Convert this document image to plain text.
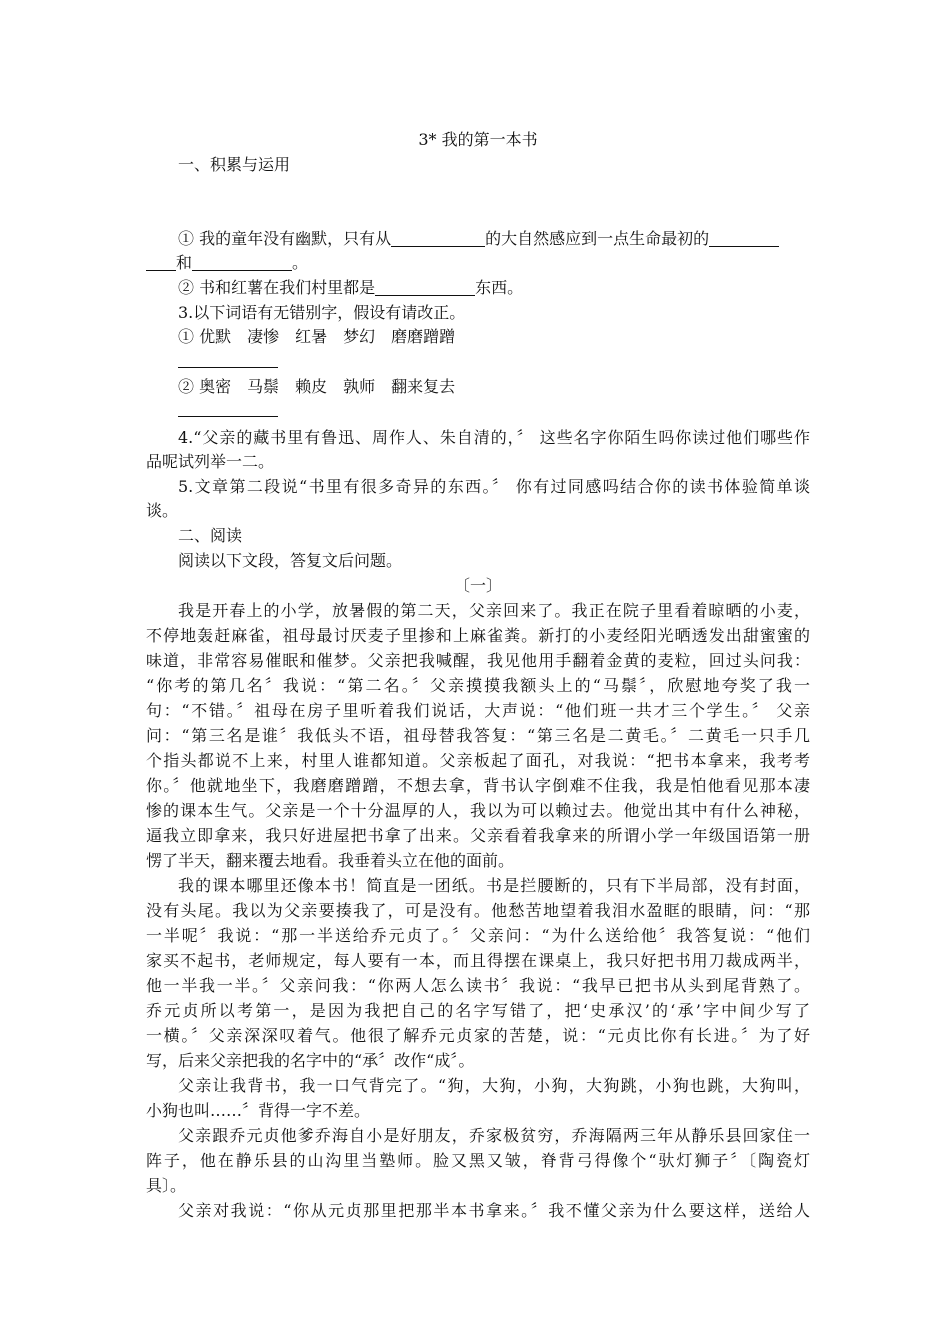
3* 我的第一本书
一、积累与运用
① 我的童年没有幽默，只有从	的大自然感应到一点生命最初的
和	。
② 书和红薯在我们村里都是	东西。
3.以下词语有无错别字，假设有请改正。
① 优默　凄惨　红暑　梦幻　磨磨蹭蹭
② 奥密　马鬃　赖皮　孰师　翻来复去
4.“父亲的藏书里有鲁迅、周作人、朱自清的，〞 这些名字你陌生吗你读过他们哪些作
品呢试列举一二。
5.文章第二段说“书里有很多奇异的东西。〞 你有过同感吗结合你的读书体验简单谈
谈。
二、阅读
阅读以下文段，答复文后问题。
〔一〕
我是开春上的小学，放暑假的第二天，父亲回来了。我正在院子里看着晾晒的小麦，
不停地轰赶麻雀，祖母最讨厌麦子里掺和上麻雀粪。新打的小麦经阳光晒透发出甜蜜蜜的
味道，非常容易催眠和催梦。父亲把我喊醒，我见他用手翻着金黄的麦粒，回过头问我：
“你考的第几名〞我说：“第二名。〞父亲摸摸我额头上的“马鬃〞，欣慰地夸奖了我一
句：“不错。〞祖母在房子里听着我们说话，大声说：“他们班一共才三个学生。〞 父亲
问：“第三名是谁〞我低头不语，祖母替我答复：“第三名是二黄毛。〞二黄毛一只手几
个指头都说不上来，村里人谁都知道。父亲板起了面孔，对我说：“把书本拿来，我考考
你。〞他就地坐下，我磨磨蹭蹭，不想去拿，背书认字倒难不住我，我是怕他看见那本凄
惨的课本生气。父亲是一个十分温厚的人，我以为可以赖过去。他觉出其中有什么神秘，
逼我立即拿来，我只好进屋把书拿了出来。父亲看着我拿来的所谓小学一年级国语第一册
愣了半天，翻来覆去地看。我垂着头立在他的面前。
我的课本哪里还像本书！简直是一团纸。书是拦腰断的，只有下半局部，没有封面，
没有头尾。我以为父亲要揍我了，可是没有。他愁苦地望着我泪水盈眶的眼睛，问：“那
一半呢〞我说：“那一半送给乔元贞了。〞父亲问：“为什么送给他〞我答复说：“他们
家买不起书，老师规定，每人要有一本，而且得摆在课桌上，我只好把书用刀裁成两半，
他一半我一半。〞父亲问我：“你两人怎么读书〞我说：“我早已把书从头到尾背熟了。
乔元贞所以考第一，是因为我把自己的名字写错了，把‘史承汉’的‘承’字中间少写了
一横。〞父亲深深叹着气。他很了解乔元贞家的苦楚，说：“元贞比你有长进。〞为了好
写，后来父亲把我的名字中的“承〞改作“成〞。
父亲让我背书，我一口气背完了。“狗，大狗，小狗，大狗跳，小狗也跳，大狗叫，
小狗也叫……〞背得一字不差。
父亲跟乔元贞他爹乔海自小是好朋友，乔家极贫穷，乔海隔两三年从静乐县回家住一
阵子，他在静乐县的山沟里当塾师。脸又黑又皱，脊背弓得像个“驮灯狮子〞〔陶瓷灯
具〕。
父亲对我说：“你从元贞那里把那半本书拿来。〞我不懂父亲为什么要这样，送给人
